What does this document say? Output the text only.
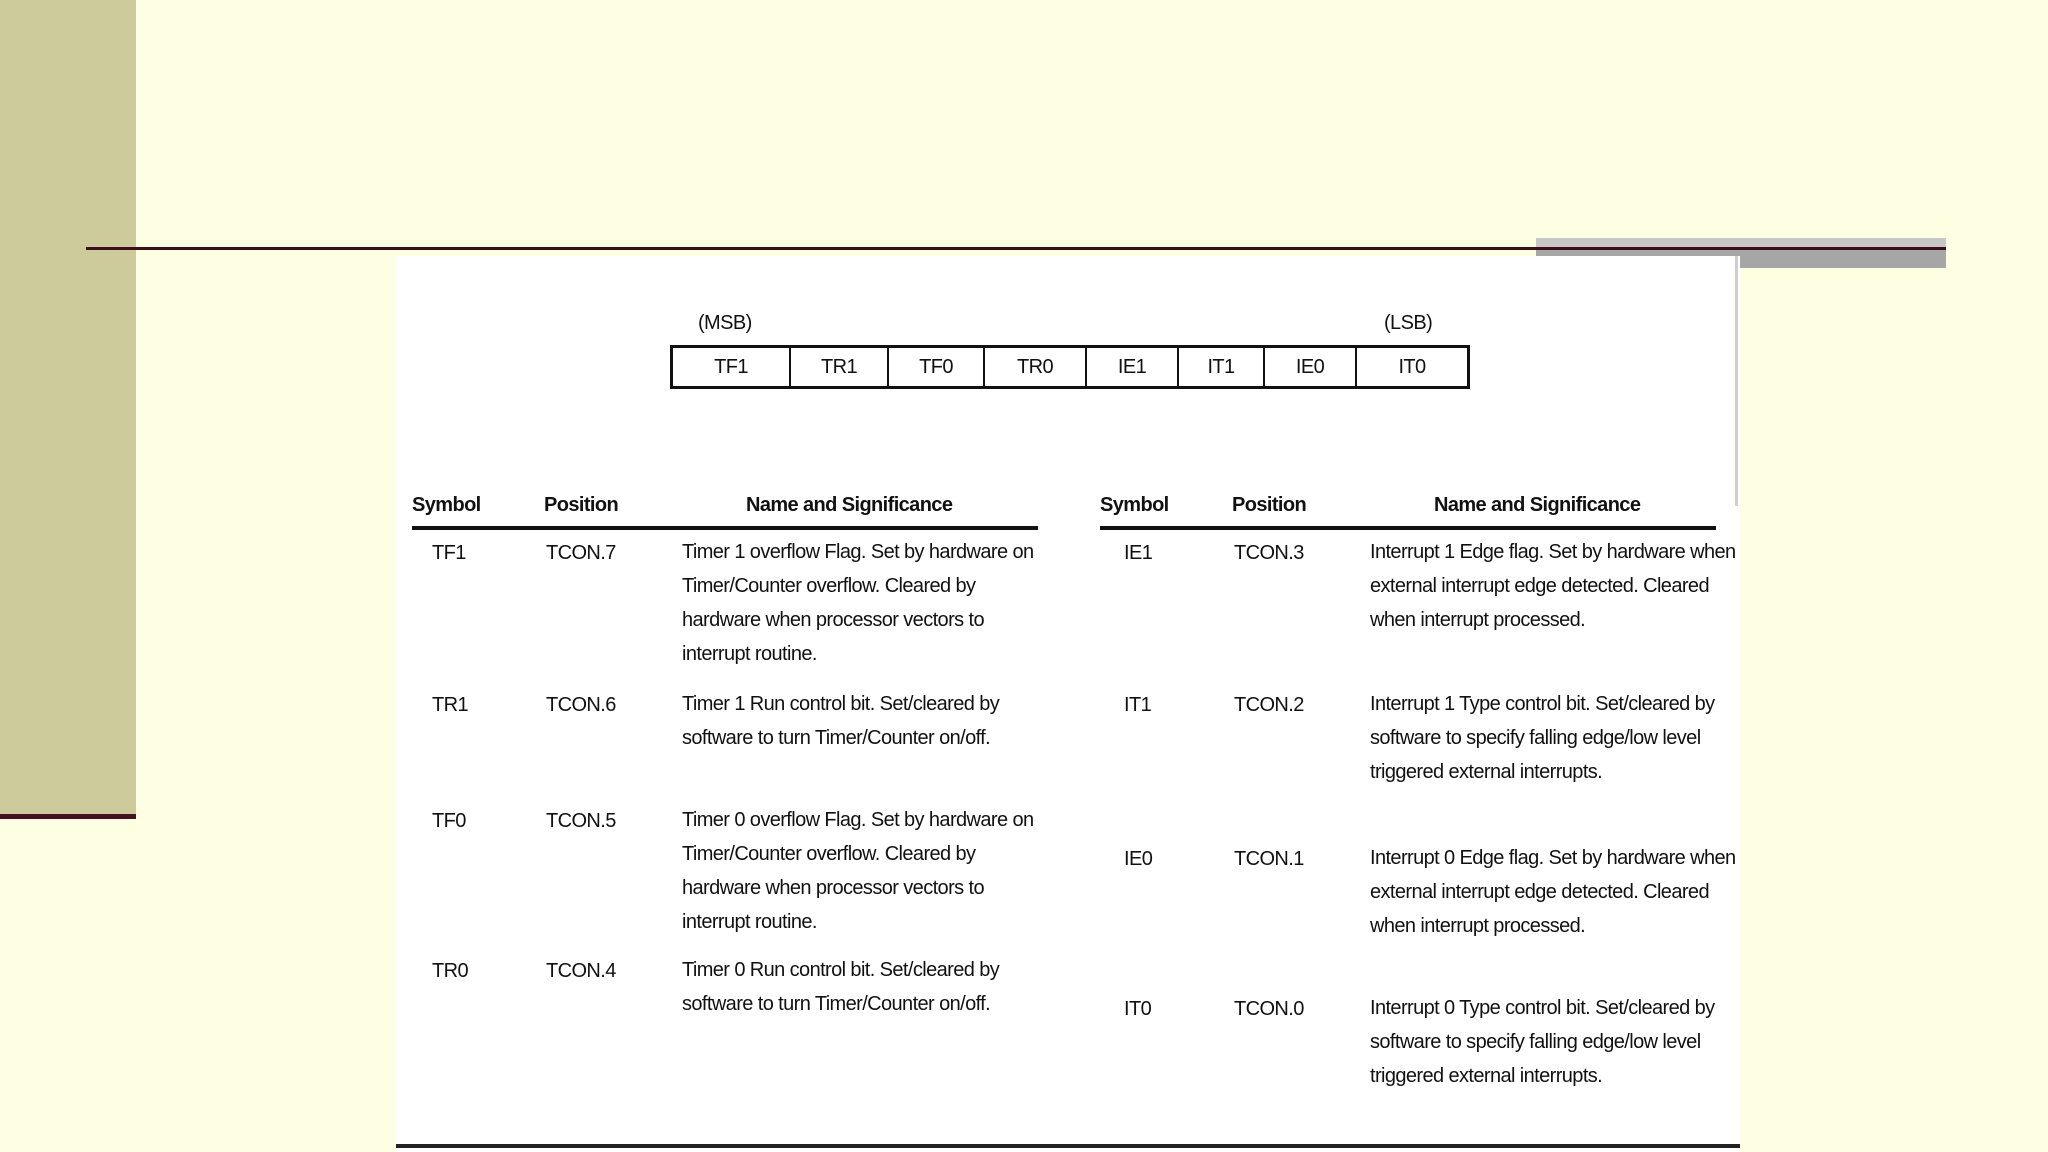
(MSB)	(LSB)
TF1	TR1	TF0	TR0	IE1	IT1	IE0	IT0
Symbol	Position	Name and Significance	Symbol	Position	Name and Significance
TF1	TCON.7	Timer 1 overflow Flag. Set by hardware on Timer/Counter overflow. Cleared by hardware when processor vectors to interrupt routine.
TR1	TCON.6	Timer 1 Run control bit. Set/cleared by software to turn Timer/Counter on/off.
TF0	TCON.5	Timer 0 overflow Flag. Set by hardware on Timer/Counter overflow. Cleared by hardware when processor vectors to interrupt routine.
TR0	TCON.4	Timer 0 Run control bit. Set/cleared by software to turn Timer/Counter on/off.
IE1	TCON.3	Interrupt 1 Edge flag. Set by hardware when external interrupt edge detected. Cleared when interrupt processed.
IT1	TCON.2	Interrupt 1 Type control bit. Set/cleared by software to specify falling edge/low level triggered external interrupts.
IE0	TCON.1	Interrupt 0 Edge flag. Set by hardware when external interrupt edge detected. Cleared when interrupt processed.
IT0	TCON.0	Interrupt 0 Type control bit. Set/cleared by software to specify falling edge/low level triggered external interrupts.
